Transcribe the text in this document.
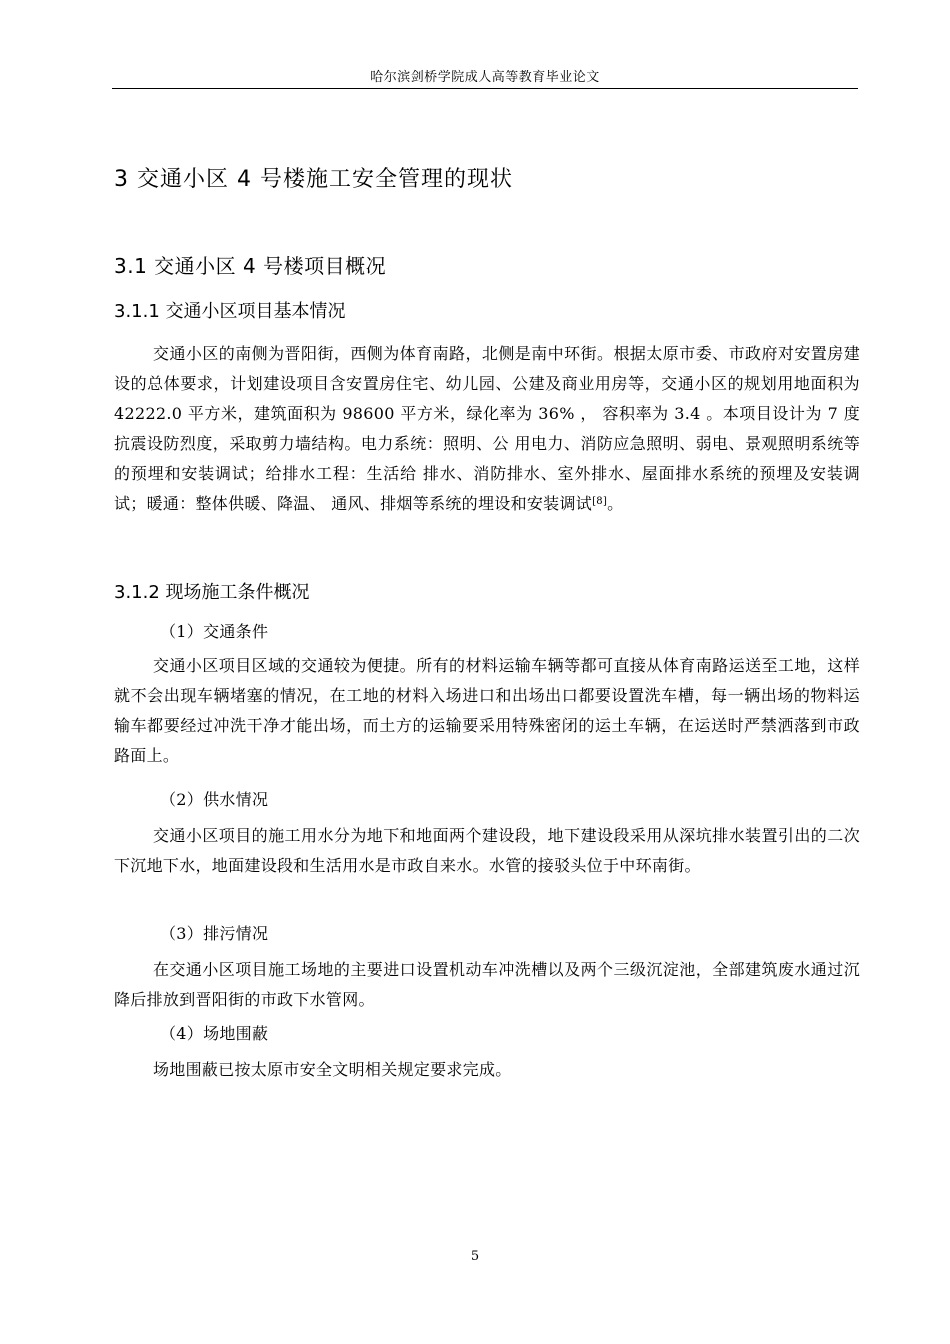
哈尔滨剑桥学院成人高等教育毕业论文
3 交通小区 4 号楼施工安全管理的现状
3.1 交通小区 4 号楼项目概况
3.1.1 交通小区项目基本情况
交通小区的南侧为晋阳街，西侧为体育南路，北侧是南中环街。根据太原市委、市政府对安置房建设的总体要求，计划建设项目含安置房住宅、幼儿园、公建及商业用房等，交通小区的规划用地面积为 42222.0 平方米，建筑面积为 98600 平方米，绿化率为 36% ， 容积率为 3.4 。本项目设计为 7 度抗震设防烈度，采取剪力墙结构。电力系统：照明、公 用电力、消防应急照明、弱电、景观照明系统等的预埋和安装调试；给排水工程：生活给 排水、消防排水、室外排水、屋面排水系统的预埋及安装调试；暖通：整体供暖、降温、 通风、排烟等系统的埋设和安装调试[8]。
3.1.2 现场施工条件概况
（1）交通条件
交通小区项目区域的交通较为便捷。所有的材料运输车辆等都可直接从体育南路运送至工地，这样就不会出现车辆堵塞的情况，在工地的材料入场进口和出场出口都要设置洗车槽，每一辆出场的物料运输车都要经过冲洗干净才能出场，而土方的运输要采用特殊密闭的运土车辆，在运送时严禁洒落到市政路面上。
（2）供水情况
交通小区项目的施工用水分为地下和地面两个建设段，地下建设段采用从深坑排水装置引出的二次下沉地下水，地面建设段和生活用水是市政自来水。水管的接驳头位于中环南街。
（3）排污情况
在交通小区项目施工场地的主要进口设置机动车冲洗槽以及两个三级沉淀池，全部建筑废水通过沉降后排放到晋阳街的市政下水管网。
（4）场地围蔽
场地围蔽已按太原市安全文明相关规定要求完成。
5
